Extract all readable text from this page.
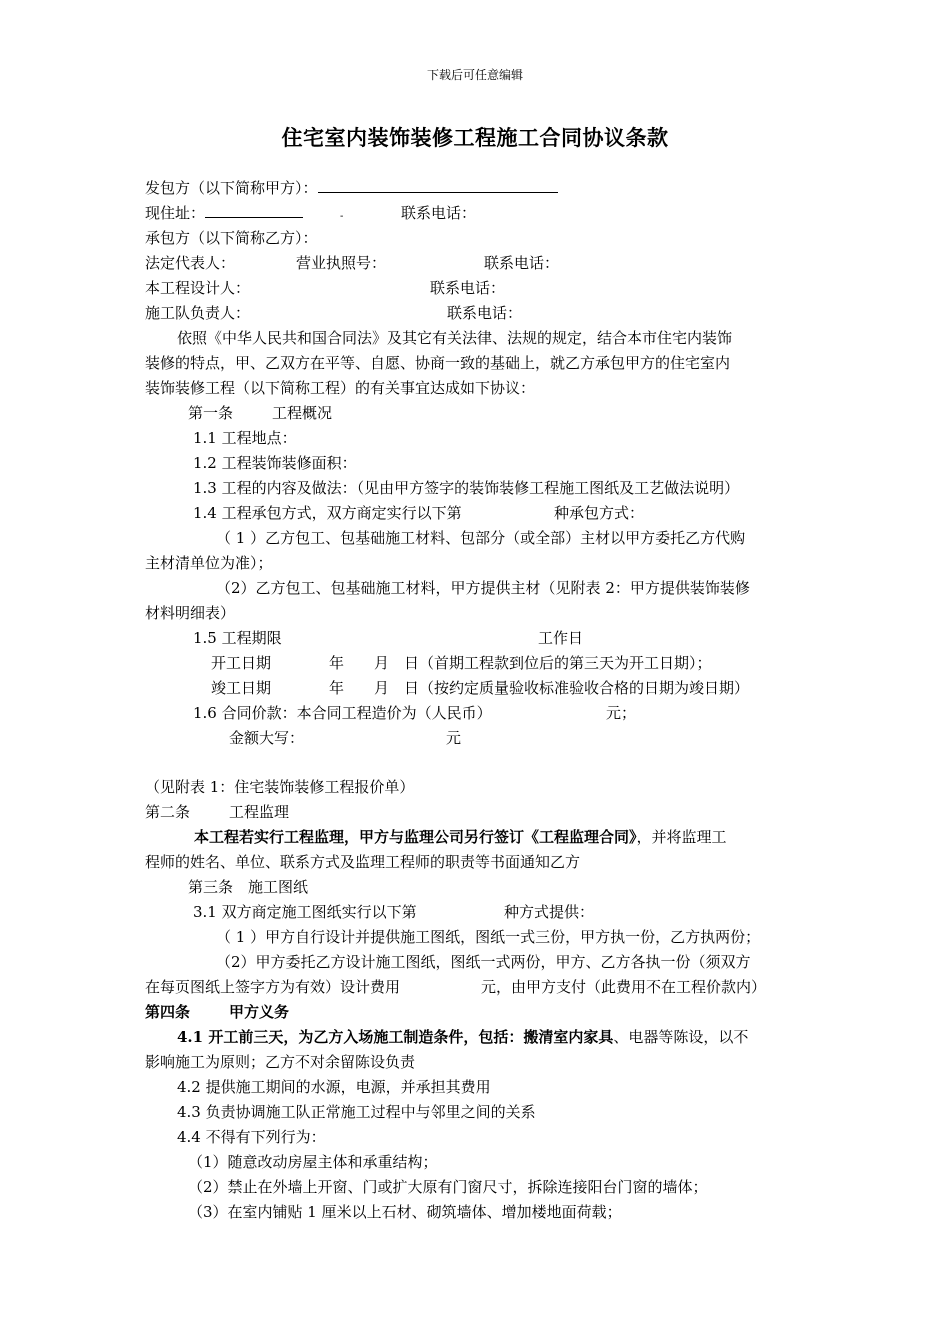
下载后可任意编辑
住宅室内装饰装修工程施工合同协议条款
发包方（以下简称甲方）：
现住址：	-	联系电话：
承包方（以下简称乙方）：
法定代表人：	营业执照号：	联系电话：
本工程设计人：	联系电话：
施工队负责人：	联系电话：
依照《中华人民共和国合同法》及其它有关法律、法规的规定，结合本市住宅内装饰
装修的特点，甲、乙双方在平等、自愿、协商一致的基础上，就乙方承包甲方的住宅室内
装饰装修工程（以下简称工程）的有关事宜达成如下协议：
第一条	工程概况
1.1 工程地点：
1.2 工程装饰装修面积：
1.3 工程的内容及做法：（见由甲方签字的装饰装修工程施工图纸及工艺做法说明）
1.4 工程承包方式，双方商定实行以下第	种承包方式：
（ 1 ）乙方包工、包基础施工材料、包部分（或全部）主材以甲方委托乙方代购
主材清单位为准）；
（2）乙方包工、包基础施工材料，甲方提供主材（见附表 2：甲方提供装饰装修
材料明细表）
1.5 工程期限	工作日
开工日期	年　　月　日（首期工程款到位后的第三天为开工日期）；
竣工日期	年　　月　日（按约定质量验收标准验收合格的日期为竣日期）
1.6 合同价款：本合同工程造价为（人民币）	元；
金额大写：	元
（见附表 1：住宅装饰装修工程报价单）
第二条	工程监理
本工程若实行工程监理，甲方与监理公司另行签订《工程监理合同》，并将监理工
程师的姓名、单位、联系方式及监理工程师的职责等书面通知乙方
第三条　施工图纸
3.1 双方商定施工图纸实行以下第	种方式提供：
（ 1 ）甲方自行设计并提供施工图纸，图纸一式三份，甲方执一份，乙方执两份；
（2）甲方委托乙方设计施工图纸，图纸一式两份，甲方、乙方各执一份（须双方
在每页图纸上签字方为有效）设计费用	元，由甲方支付（此费用不在工程价款内）
第四条	甲方义务
4.1 开工前三天，为乙方入场施工制造条件，包括：搬清室内家具、电器等陈设，以不
影响施工为原则；乙方不对余留陈设负责
4.2 提供施工期间的水源，电源，并承担其费用
4.3 负责协调施工队正常施工过程中与邻里之间的关系
4.4 不得有下列行为：
（1）随意改动房屋主体和承重结构；
（2）禁止在外墙上开窗、门或扩大原有门窗尺寸，拆除连接阳台门窗的墙体；
（3）在室内铺贴 1 厘米以上石材、砌筑墙体、增加楼地面荷载；
